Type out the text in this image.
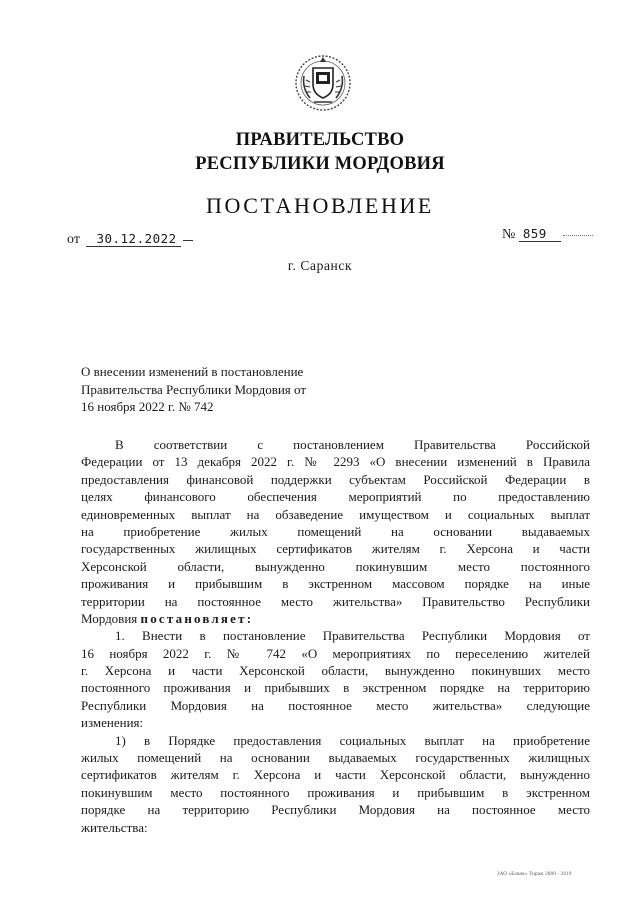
ПРАВИТЕЛЬСТВО
РЕСПУБЛИКИ МОРДОВИЯ
ПОСТАНОВЛЕНИЕ
от 30.12.2022	№ 859
г. Саранск
О внесении изменений в постановление
Правительства Республики Мордовия от
16 ноября 2022 г. № 742
В соответствии с постановлением Правительства Российской
Федерации от 13 декабря 2022 г. № 2293 «О внесении изменений в Правила
предоставления финансовой поддержки субъектам Российской Федерации в
целях финансового обеспечения мероприятий по предоставлению
единовременных выплат на обзаведение имуществом и социальных выплат
на приобретение жилых помещений на основании выдаваемых
государственных жилищных сертификатов жителям г. Херсона и части
Херсонской области, вынужденно покинувшим место постоянного
проживания и прибывшим в экстренном массовом порядке на иные
территории на постоянное место жительства» Правительство Республики
Мордовия постановляет:
1. Внести в постановление Правительства Республики Мордовия от
16 ноября 2022 г. № 742 «О мероприятиях по переселению жителей
г. Херсона и части Херсонской области, вынужденно покинувших место
постоянного проживания и прибывших в экстренном порядке на территорию
Республики Мордовия на постоянное место жительства» следующие
изменения:
1) в Порядке предоставления социальных выплат на приобретение
жилых помещений на основании выдаваемых государственных жилищных
сертификатов жителям г. Херсона и части Херсонской области, вынужденно
покинувшим место постоянного проживания и прибывшим в экстренном
порядке на территорию Республики Мордовия на постоянное место
жительства:
ЗАО «Бланк» Тираж 2000 · 2019
